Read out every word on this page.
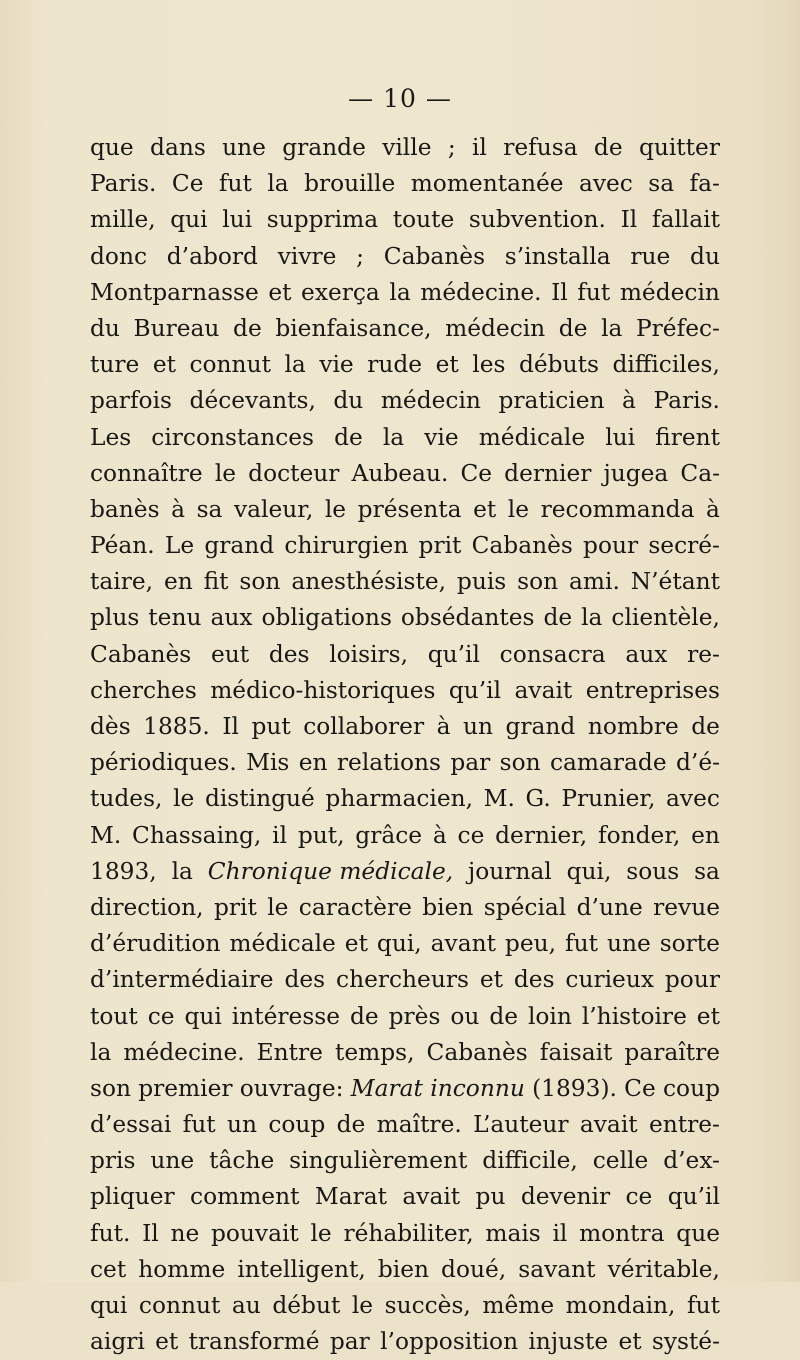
— 10 —
que dans une grande ville ; il refusa de quitter
Paris. Ce fut la brouille momentanée avec sa fa-
mille, qui lui supprima toute subvention. Il fallait
donc d’abord vivre ; Cabanès s’installa rue du
Montparnasse et exerça la médecine. Il fut médecin
du Bureau de bienfaisance, médecin de la Préfec-
ture et connut la vie rude et les débuts difficiles,
parfois décevants, du médecin praticien à Paris.
Les circonstances de la vie médicale lui firent
connaître le docteur Aubeau. Ce dernier jugea Ca-
banès à sa valeur, le présenta et le recommanda à
Péan. Le grand chirurgien prit Cabanès pour secré-
taire, en fit son anesthésiste, puis son ami. N’étant
plus tenu aux obligations obsédantes de la clientèle,
Cabanès eut des loisirs, qu’il consacra aux re-
cherches médico-historiques qu’il avait entreprises
dès 1885. Il put collaborer à un grand nombre de
périodiques. Mis en relations par son camarade d’é-
tudes, le distingué pharmacien, M. G. Prunier, avec
M. Chassaing, il put, grâce à ce dernier, fonder, en
1893, la Chronique médicale, journal qui, sous sa
direction, prit le caractère bien spécial d’une revue
d’érudition médicale et qui, avant peu, fut une sorte
d’intermédiaire des chercheurs et des curieux pour
tout ce qui intéresse de près ou de loin l’histoire et
la médecine. Entre temps, Cabanès faisait paraître
son premier ouvrage: Marat inconnu (1893). Ce coup
d’essai fut un coup de maître. L’auteur avait entre-
pris une tâche singulièrement difficile, celle d’ex-
pliquer comment Marat avait pu devenir ce qu’il
fut. Il ne pouvait le réhabiliter, mais il montra que
cet homme intelligent, bien doué, savant véritable,
qui connut au début le succès, même mondain, fut
aigri et transformé par l’opposition injuste et systé-
